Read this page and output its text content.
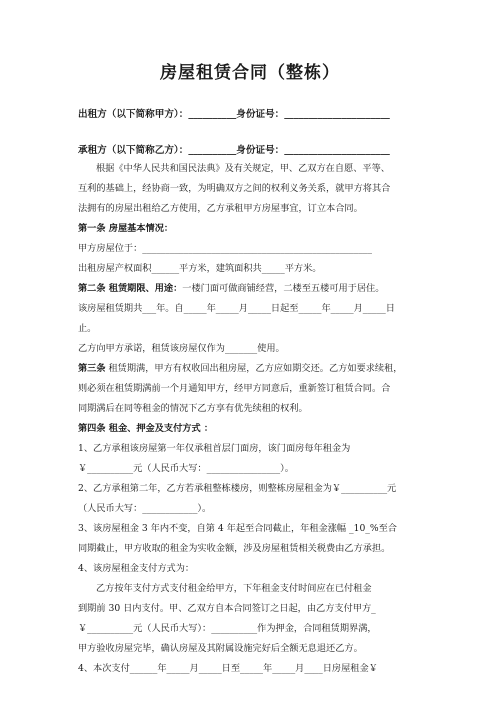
房屋租赁合同（整栋）
出租方（以下简称甲方）：__________身份证号：______________________
承租方（以下简称乙方）：__________身份证号：______________________
根据《中华人民共和国民法典》及有关规定，甲、乙双方在自愿、平等、
互利的基础上，经协商一致，为明确双方之间的权利义务关系，就甲方将其合
法拥有的房屋出租给乙方使用，乙方承租甲方房屋事宜，订立本合同。
第一条 房屋基本情况：
甲方房屋位于：__________________________________________________
出租房屋产权面积______平方米，建筑面积共_____平方米。
第二条 租赁期限、用途：一楼门面可做商铺经营，二楼至五楼可用于居住。
该房屋租赁期共___年。自_____年_____月_____日起至_____年_____月_____日
止。
乙方向甲方承诺，租赁该房屋仅作为_______使用。
第三条 租赁期满，甲方有权收回出租房屋，乙方应如期交还。乙方如要求续租，
则必须在租赁期满前一个月通知甲方，经甲方同意后，重新签订租赁合同。合
同期满后在同等租金的情况下乙方享有优先续租的权利。
第四条 租金、押金及支付方式 ：
1、乙方承租该房屋第一年仅承租首层门面房，该门面房每年租金为
￥__________元（人民币大写：________________）。
2、乙方承租第二年，乙方若承租整栋楼房，则整栋房屋租金为￥__________元
（人民币大写：____________）。
3、该房屋租金 3 年内不变，自第 4 年起至合同截止，年租金涨幅 _10_%至合
同期截止，甲方收取的租金为实收金额，涉及房屋租赁相关税费由乙方承担。
4、该房屋租金支付方式为：
乙方按年支付方式支付租金给甲方，下年租金支付时间应在已付租金
到期前 30 日内支付。甲、乙双方自本合同签订之日起，由乙方支付甲方_
￥__________元（人民币大写）：__________作为押金，合同租赁期界满，
甲方验收房屋完毕，确认房屋及其附属设施完好后全额无息退还乙方。
4、本次支付______年_____月_____日至_____年_____月____日房屋租金￥
